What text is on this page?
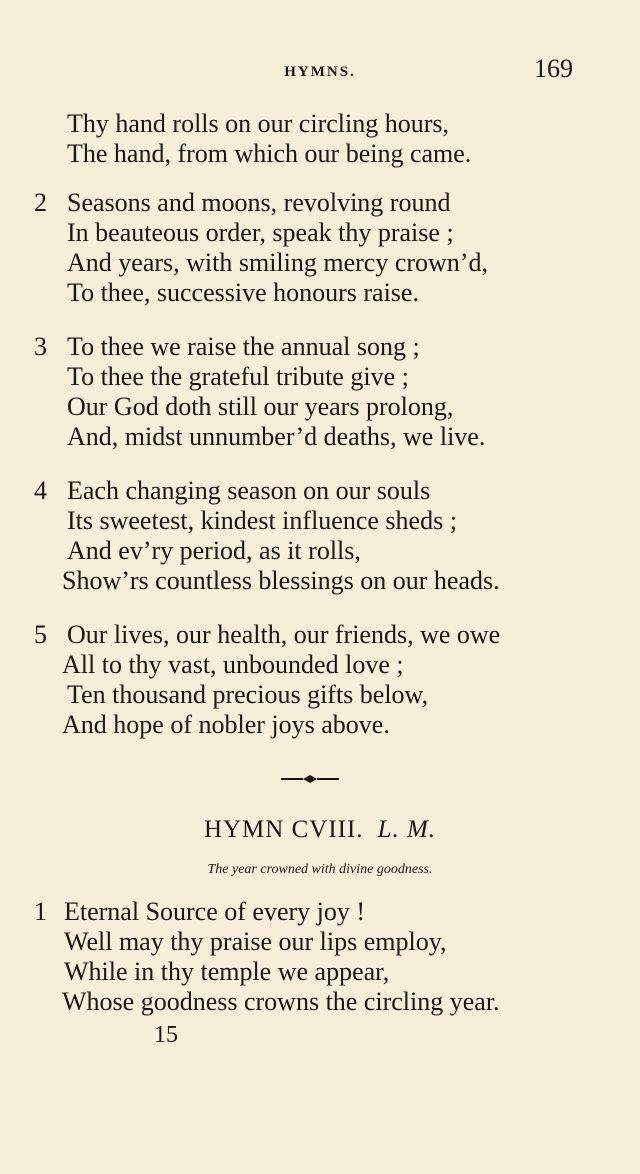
HYMNS.	169
Thy hand rolls on our circling hours,
The hand, from which our being came.
2 Seasons and moons, revolving round
In beauteous order, speak thy praise ;
And years, with smiling mercy crown’d,
To thee, successive honours raise.
3 To thee we raise the annual song ;
To thee the grateful tribute give ;
Our God doth still our years prolong,
And, midst unnumber’d deaths, we live.
4 Each changing season on our souls
Its sweetest, kindest influence sheds ;
And ev’ry period, as it rolls,
Show’rs countless blessings on our heads.
5 Our lives, our health, our friends, we owe
All to thy vast, unbounded love ;
Ten thousand precious gifts below,
And hope of nobler joys above.
HYMN CVIII. L. M.
The year crowned with divine goodness.
1 Eternal Source of every joy !
Well may thy praise our lips employ,
While in thy temple we appear,
Whose goodness crowns the circling year.
15
